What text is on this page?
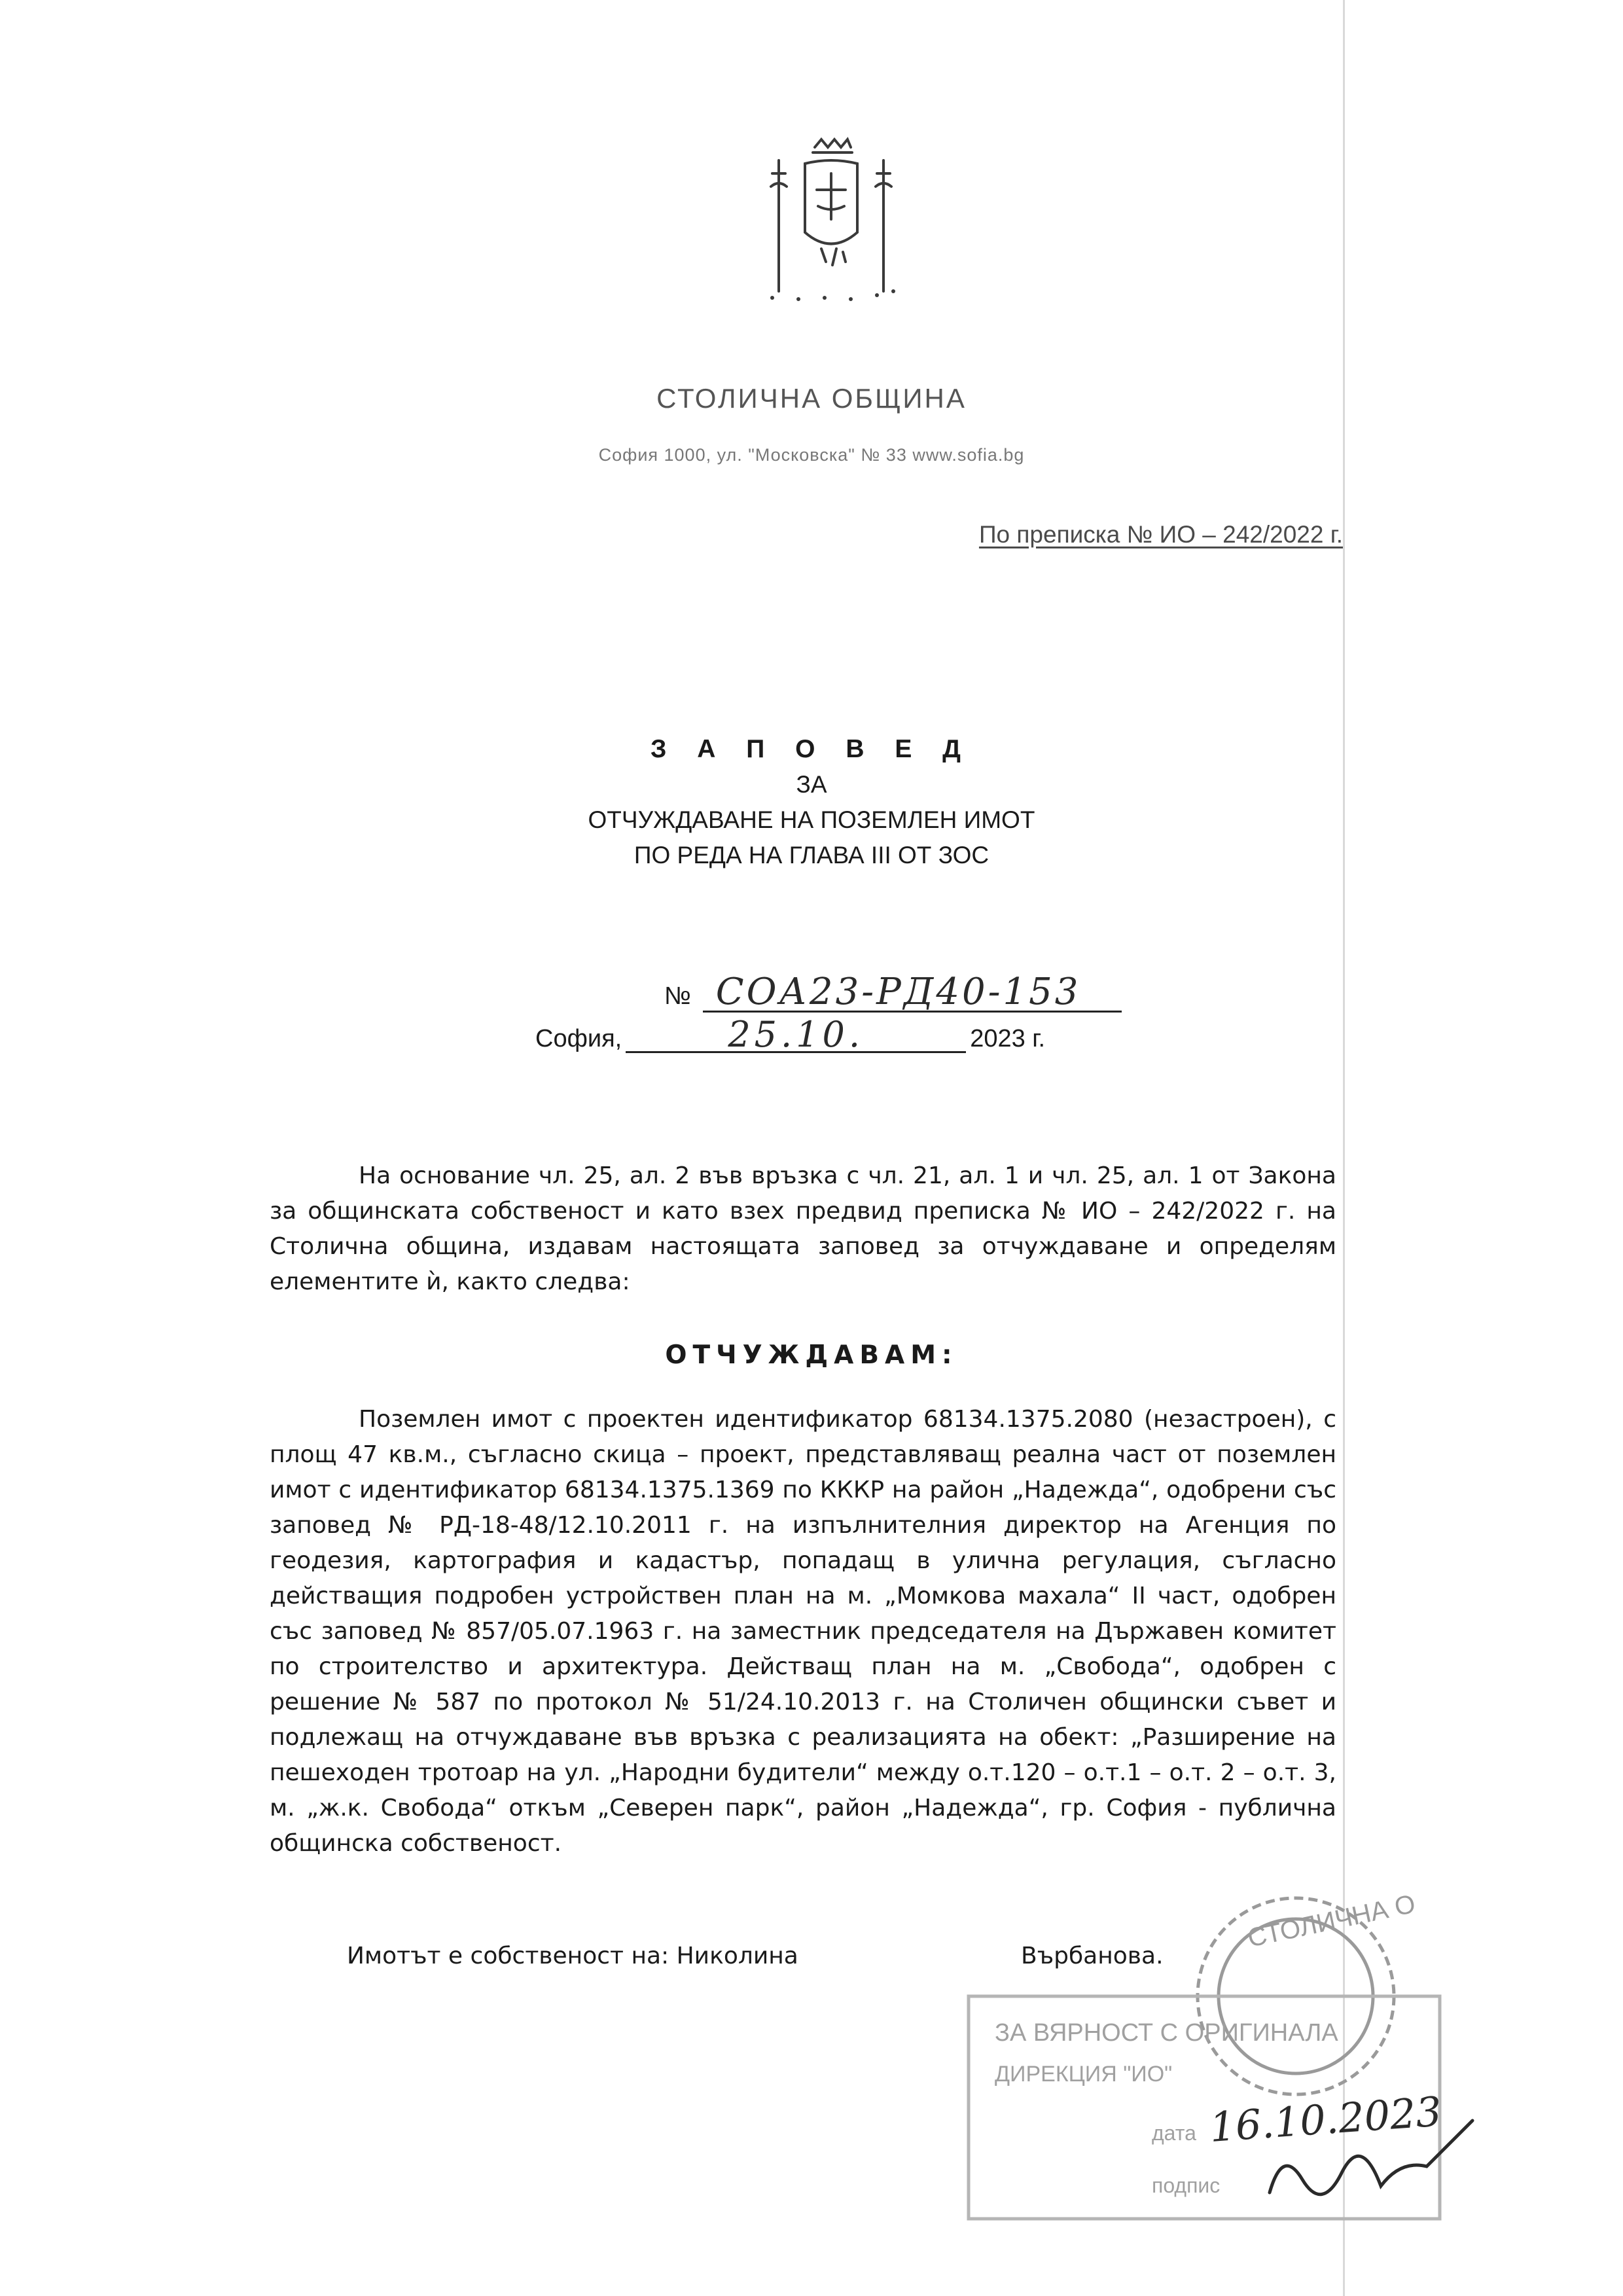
СТОЛИЧНА ОБЩИНА
София 1000, ул. "Московска" № 33 www.sofia.bg
По преписка № ИО – 242/2022 г.
З А П О В Е Д
ЗА
ОТЧУЖДАВАНЕ НА ПОЗЕМЛЕН ИМОТ
ПО РЕДА НА ГЛАВА III ОТ ЗОС
№ СОА23-РД40-153
София,	25.10.	2023 г.
На основание чл. 25, ал. 2 във връзка с чл. 21, ал. 1 и чл. 25, ал. 1 от Закона за общинската собственост и като взех предвид преписка № ИО – 242/2022 г. на Столична община, издавам настоящата заповед за отчуждаване и определям елементите ѝ, както следва:
ОТЧУЖДАВАМ:
Поземлен имот с проектен идентификатор 68134.1375.2080 (незастроен), с площ 47 кв.м., съгласно скица – проект, представляващ реална част от поземлен имот с идентификатор 68134.1375.1369 по КККР на район „Надежда“, одобрени със заповед № РД-18-48/12.10.2011 г. на изпълнителния директор на Агенция по геодезия, картография и кадастър, попадащ в улична регулация, съгласно действащия подробен устройствен план на м. „Момкова махала“ II част, одобрен със заповед № 857/05.07.1963 г. на заместник председателя на Държавен комитет по строителство и архитектура. Действащ план на м. „Свобода“, одобрен с решение № 587 по протокол № 51/24.10.2013 г. на Столичен общински съвет и подлежащ на отчуждаване във връзка с реализацията на обект: „Разширение на пешеходен тротоар на ул. „Народни будители“ между о.т.120 – о.т.1 – о.т. 2 – о.т. 3, м. „ж.к. Свобода“ откъм „Северен парк“, район „Надежда“, гр. София - публична общинска собственост.
Имотът е собственост на: Николина	Върбанова.
СТОЛИЧНА О
ЗА ВЯРНОСТ С ОРИГИНАЛА
ДИРЕКЦИЯ "ИО"
дата 16.10.2023
подпис
